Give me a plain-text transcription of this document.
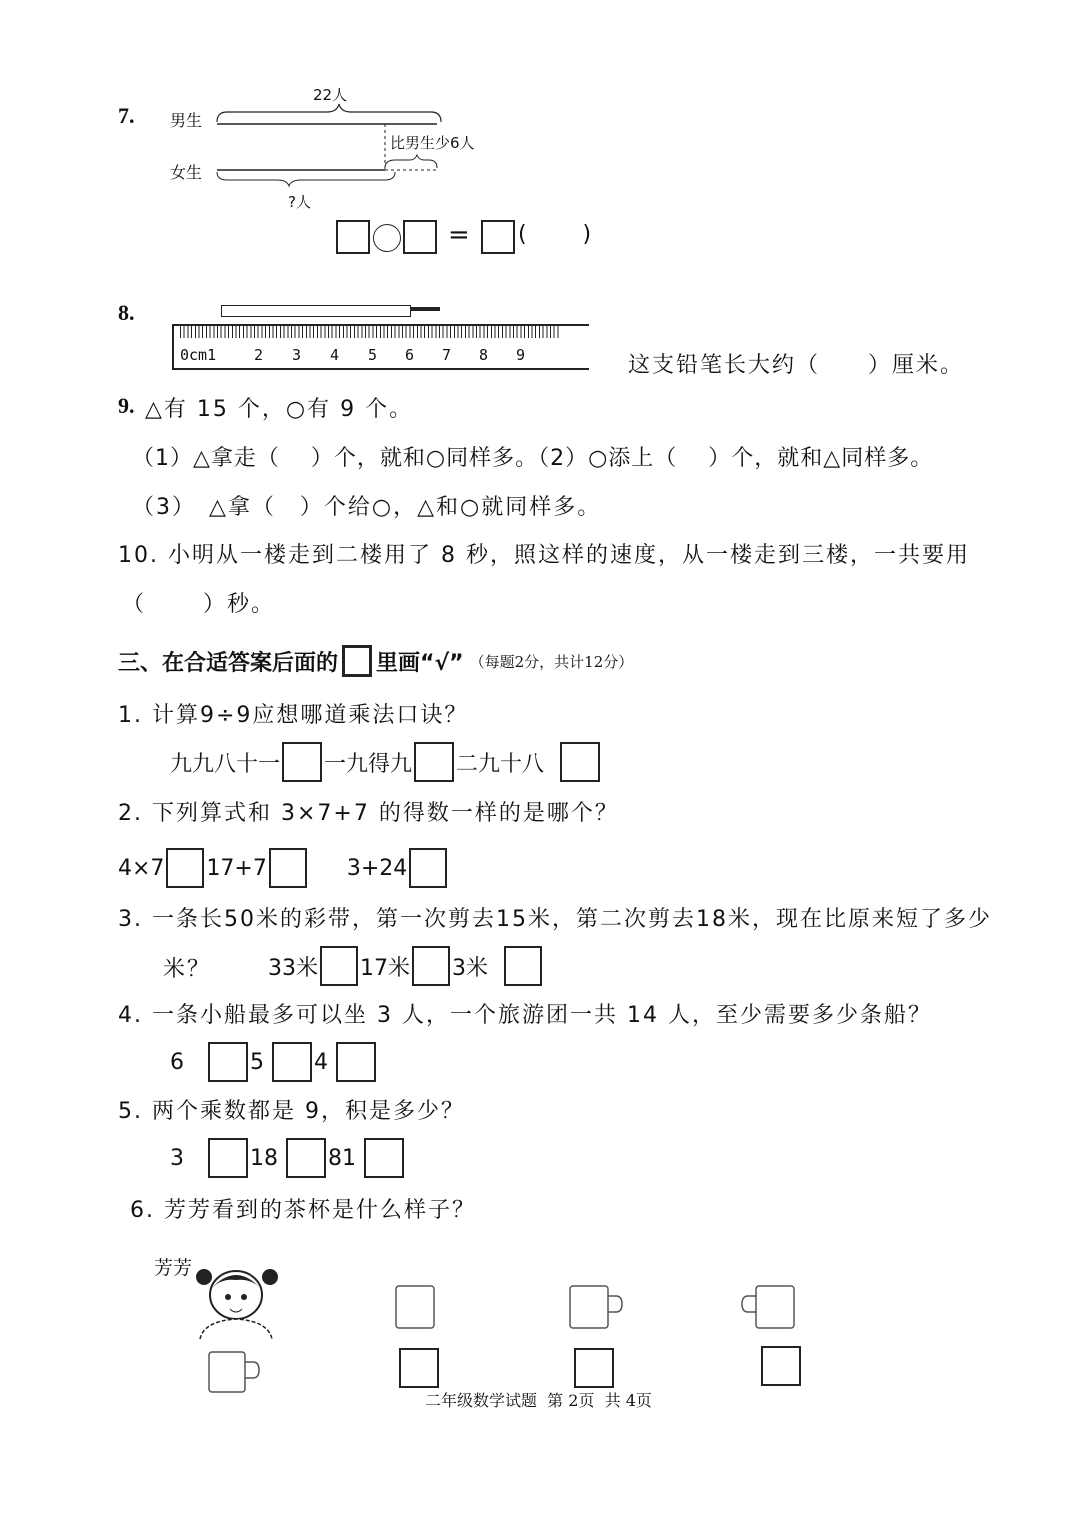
7. 男生
女生
22人
比男生少6人
?人
= (        )
8.
0cm1	2	3	4	5	6	7	8	9	这支铅笔长大约（　　）厘米。
9. △有 15 个，○有 9 个。
（1）△拿走（　 ）个，就和○同样多。（2）○添上（　 ）个，就和△同样多。
（3）　△拿（　）个给○，△和○就同样多。
10. 小明从一楼走到二楼用了 8 秒，照这样的速度，从一楼走到三楼，一共要用
（　　 ）秒。
三、在合适答案后面的 里画“√” （每题2分，共计12分）
1. 计算9÷9应想哪道乘法口诀？
九九八十一 一九得九 二九十八
2. 下列算式和 3×7+7 的得数一样的是哪个？
4×7 17+7	3+24
3. 一条长50米的彩带，第一次剪去15米，第二次剪去18米，现在比原来短了多少
米？	33米 17米 3米
4. 一条小船最多可以坐 3 人，一个旅游团一共 14 人，至少需要多少条船？
6	5 4
5. 两个乘数都是 9，积是多少？
3	18 81
6. 芳芳看到的茶杯是什么样子？
芳芳
二年级数学试题  第 2页  共 4页
